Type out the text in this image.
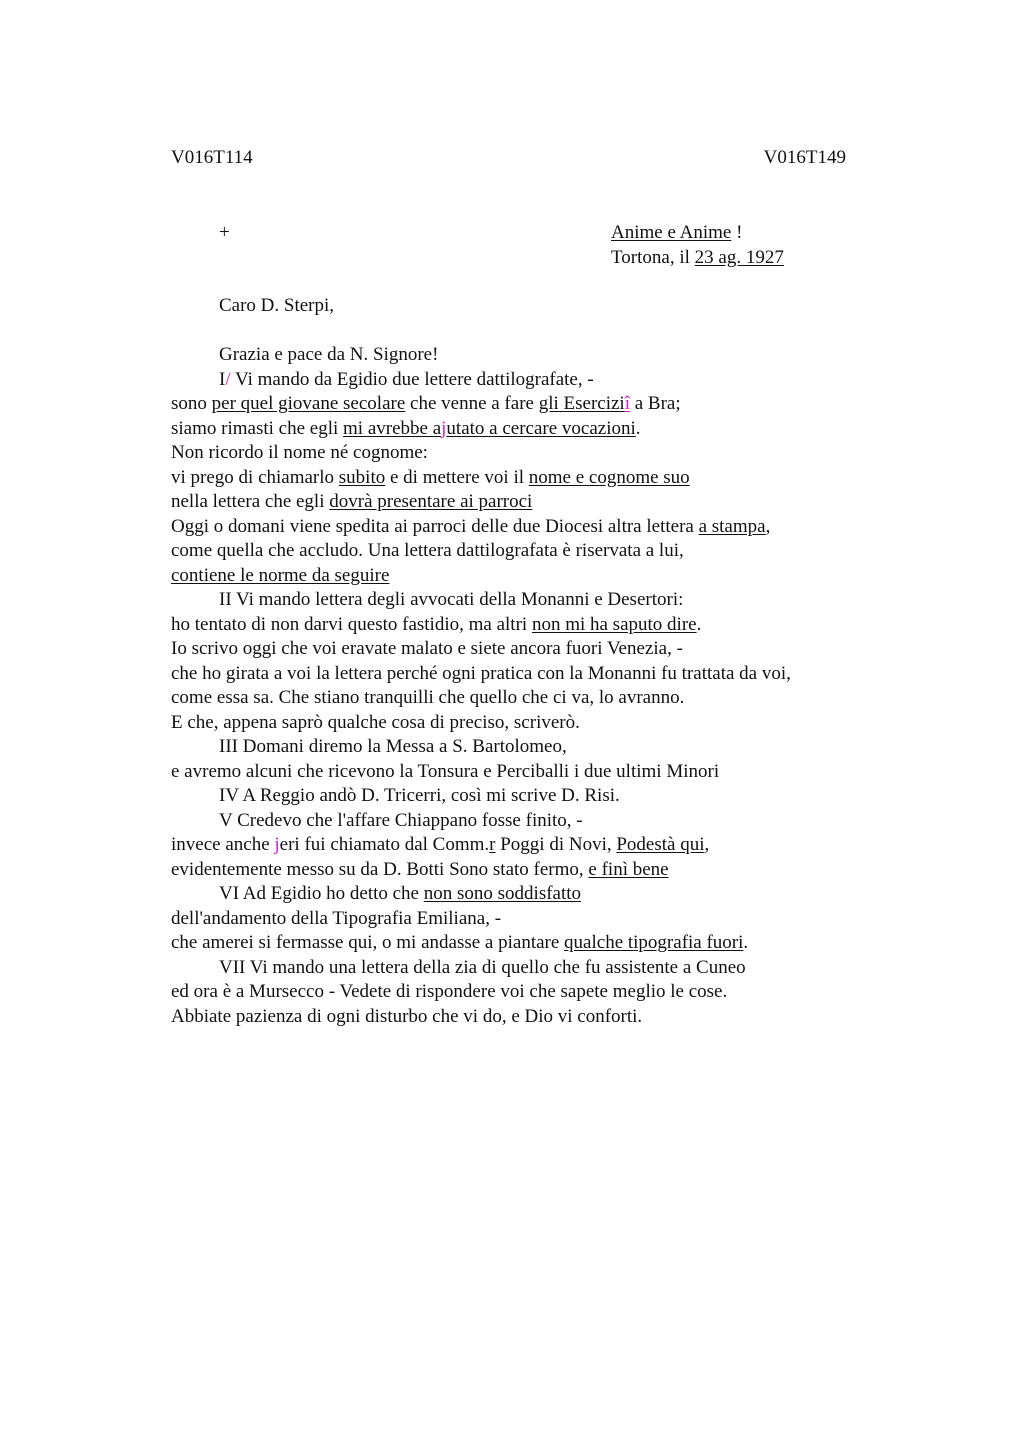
V016T114	V016T149
+	Anime e Anime !
Tortona, il 23 ag. 1927
Caro D. Sterpi,
Grazia e pace da N. Signore!
I/ Vi mando da Egidio due lettere dattilografate, -
sono per quel giovane secolare che venne a fare gli Eserciziî a Bra;
siamo rimasti che egli mi avrebbe ajutato a cercare vocazioni.
Non ricordo il nome né cognome:
vi prego di chiamarlo subito e di mettere voi il nome e cognome suo
nella lettera che egli dovrà presentare ai parroci
Oggi o domani viene spedita ai parroci delle due Diocesi altra lettera a stampa,
come quella che accludo. Una lettera dattilografata è riservata a lui,
contiene le norme da seguire
II Vi mando lettera degli avvocati della Monanni e Desertori:
ho tentato di non darvi questo fastidio, ma altri non mi ha saputo dire.
Io scrivo oggi che voi eravate malato e siete ancora fuori Venezia, -
che ho girata a voi la lettera perché ogni pratica con la Monanni fu trattata da voi,
come essa sa. Che stiano tranquilli che quello che ci va, lo avranno.
E che, appena saprò qualche cosa di preciso, scriverò.
III Domani diremo la Messa a S. Bartolomeo,
e avremo alcuni che ricevono la Tonsura e Perciballi i due ultimi Minori
IV A Reggio andò D. Tricerri, così mi scrive D. Risi.
V Credevo che l'affare Chiappano fosse finito, -
invece anche jeri fui chiamato dal Comm.r Poggi di Novi, Podestà qui,
evidentemente messo su da D. Botti Sono stato fermo, e finì bene
VI Ad Egidio ho detto che non sono soddisfatto
dell'andamento della Tipografia Emiliana, -
che amerei si fermasse qui, o mi andasse a piantare qualche tipografia fuori.
VII Vi mando una lettera della zia di quello che fu assistente a Cuneo
ed ora è a Mursecco - Vedete di rispondere voi che sapete meglio le cose.
Abbiate pazienza di ogni disturbo che vi do, e Dio vi conforti.
